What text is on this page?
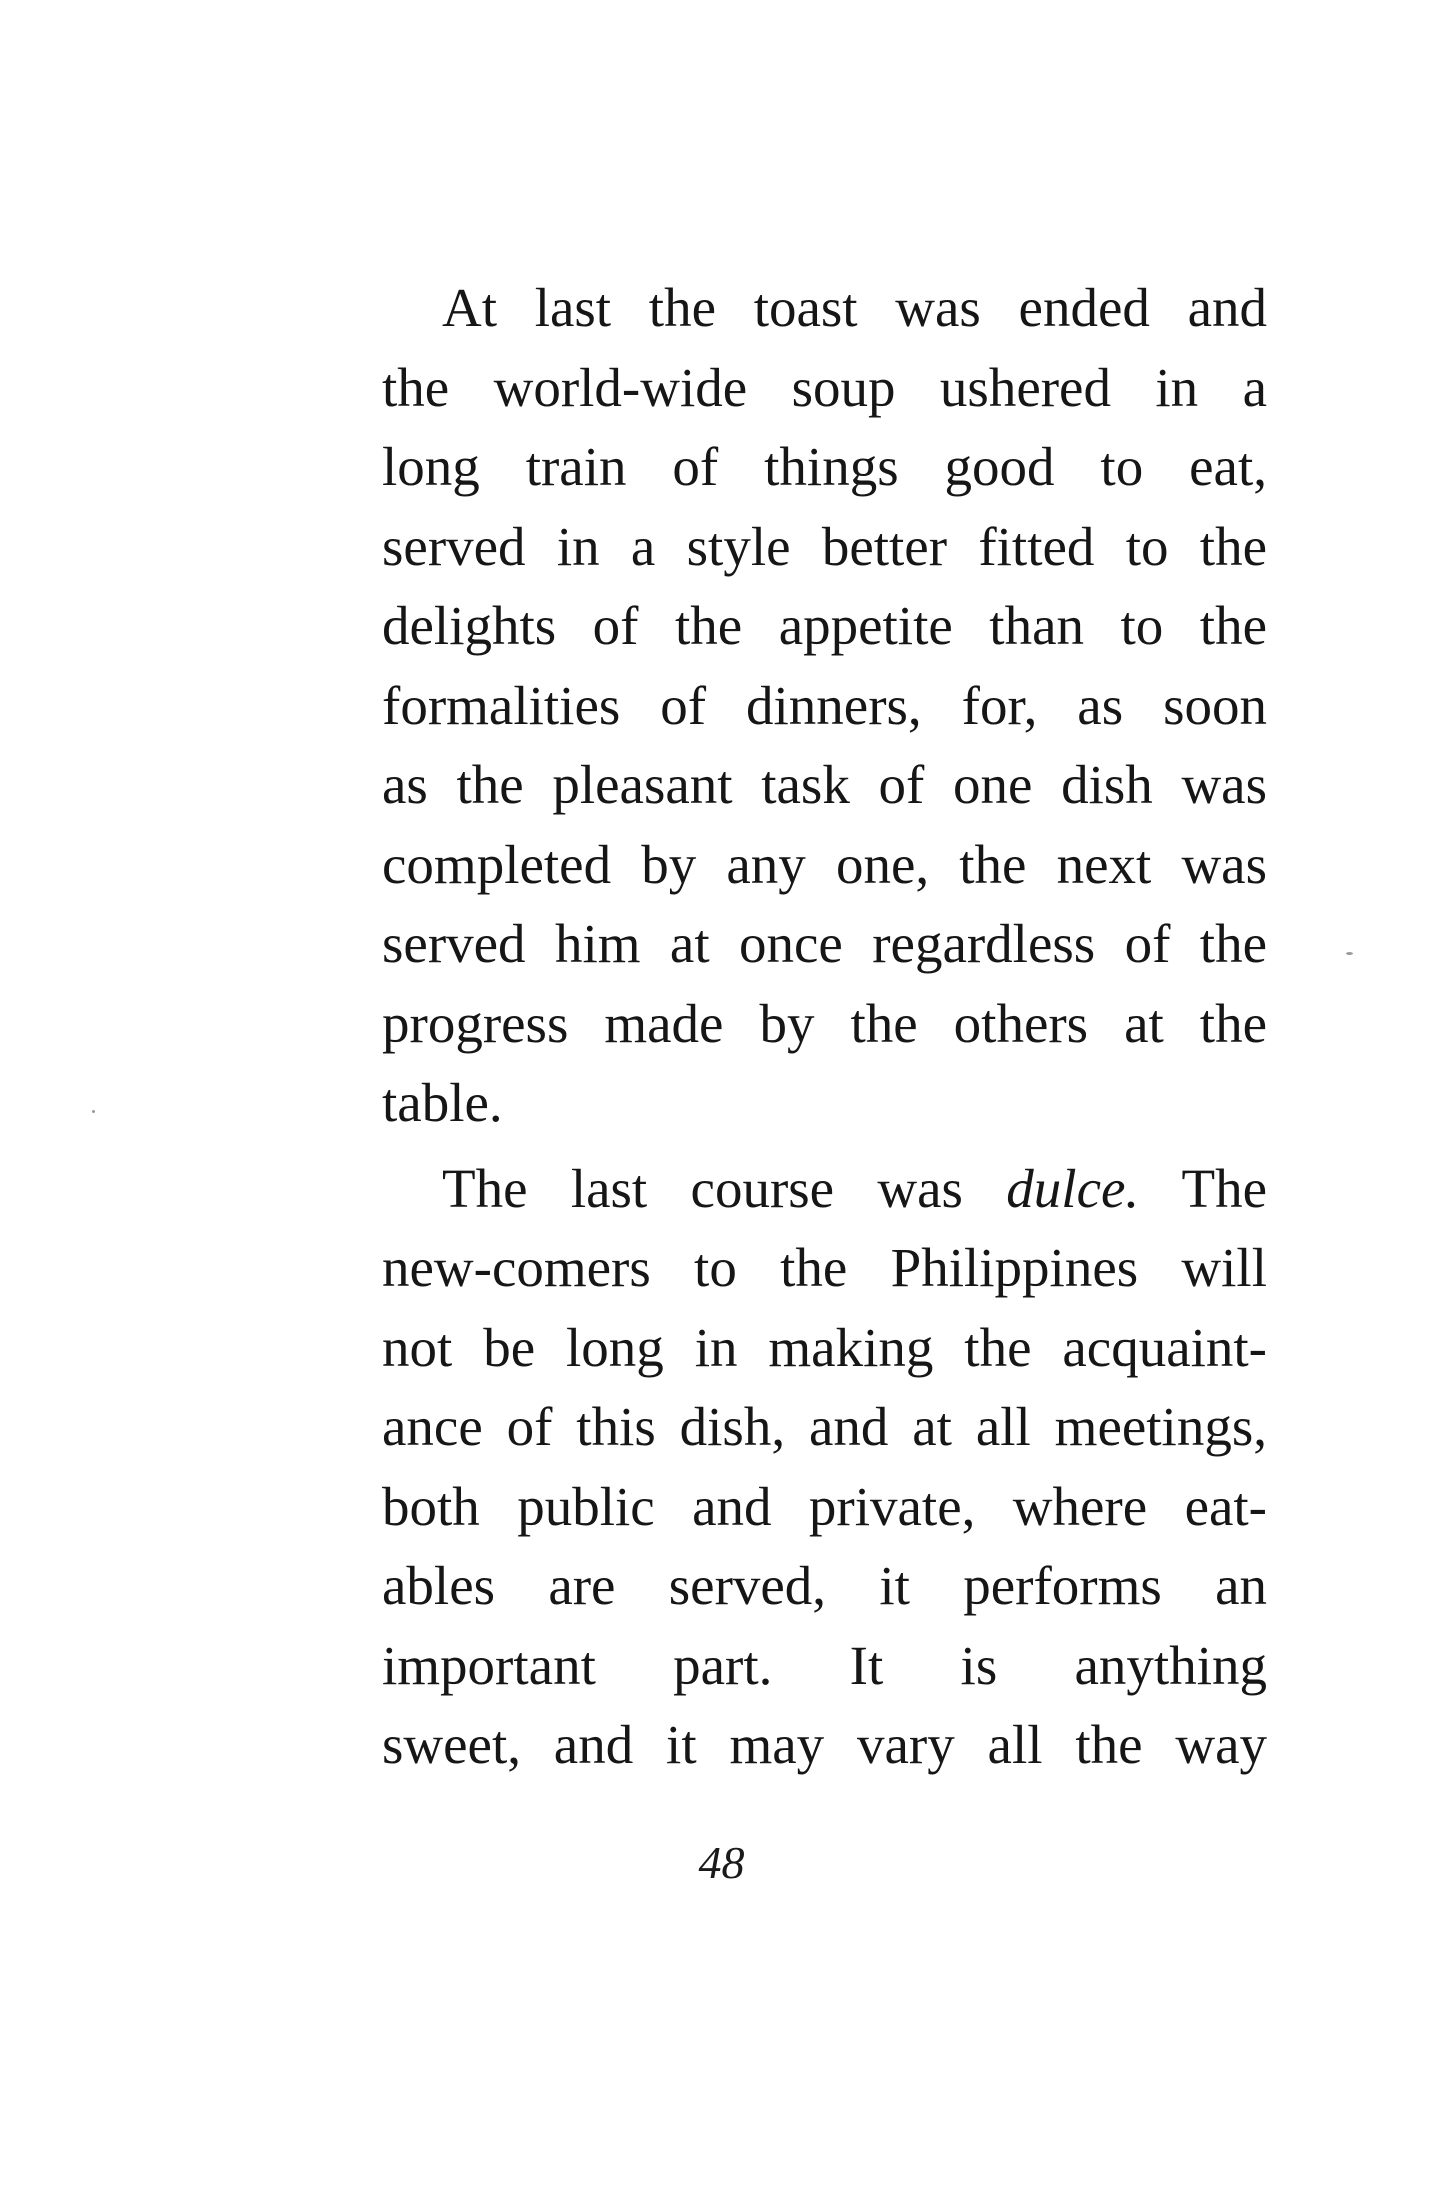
At last the toast was ended and
the world-wide soup ushered in a
long train of things good to eat,
served in a style better fitted to the
delights of the appetite than to the
formalities of dinners, for, as soon
as the pleasant task of one dish was
completed by any one, the next was
served him at once regardless of the
progress made by the others at the
table.
The last course was dulce. The
new-comers to the Philippines will
not be long in making the acquaint-
ance of this dish, and at all meetings,
both public and private, where eat-
ables are served, it performs an
important part. It is anything
sweet, and it may vary all the way
48
